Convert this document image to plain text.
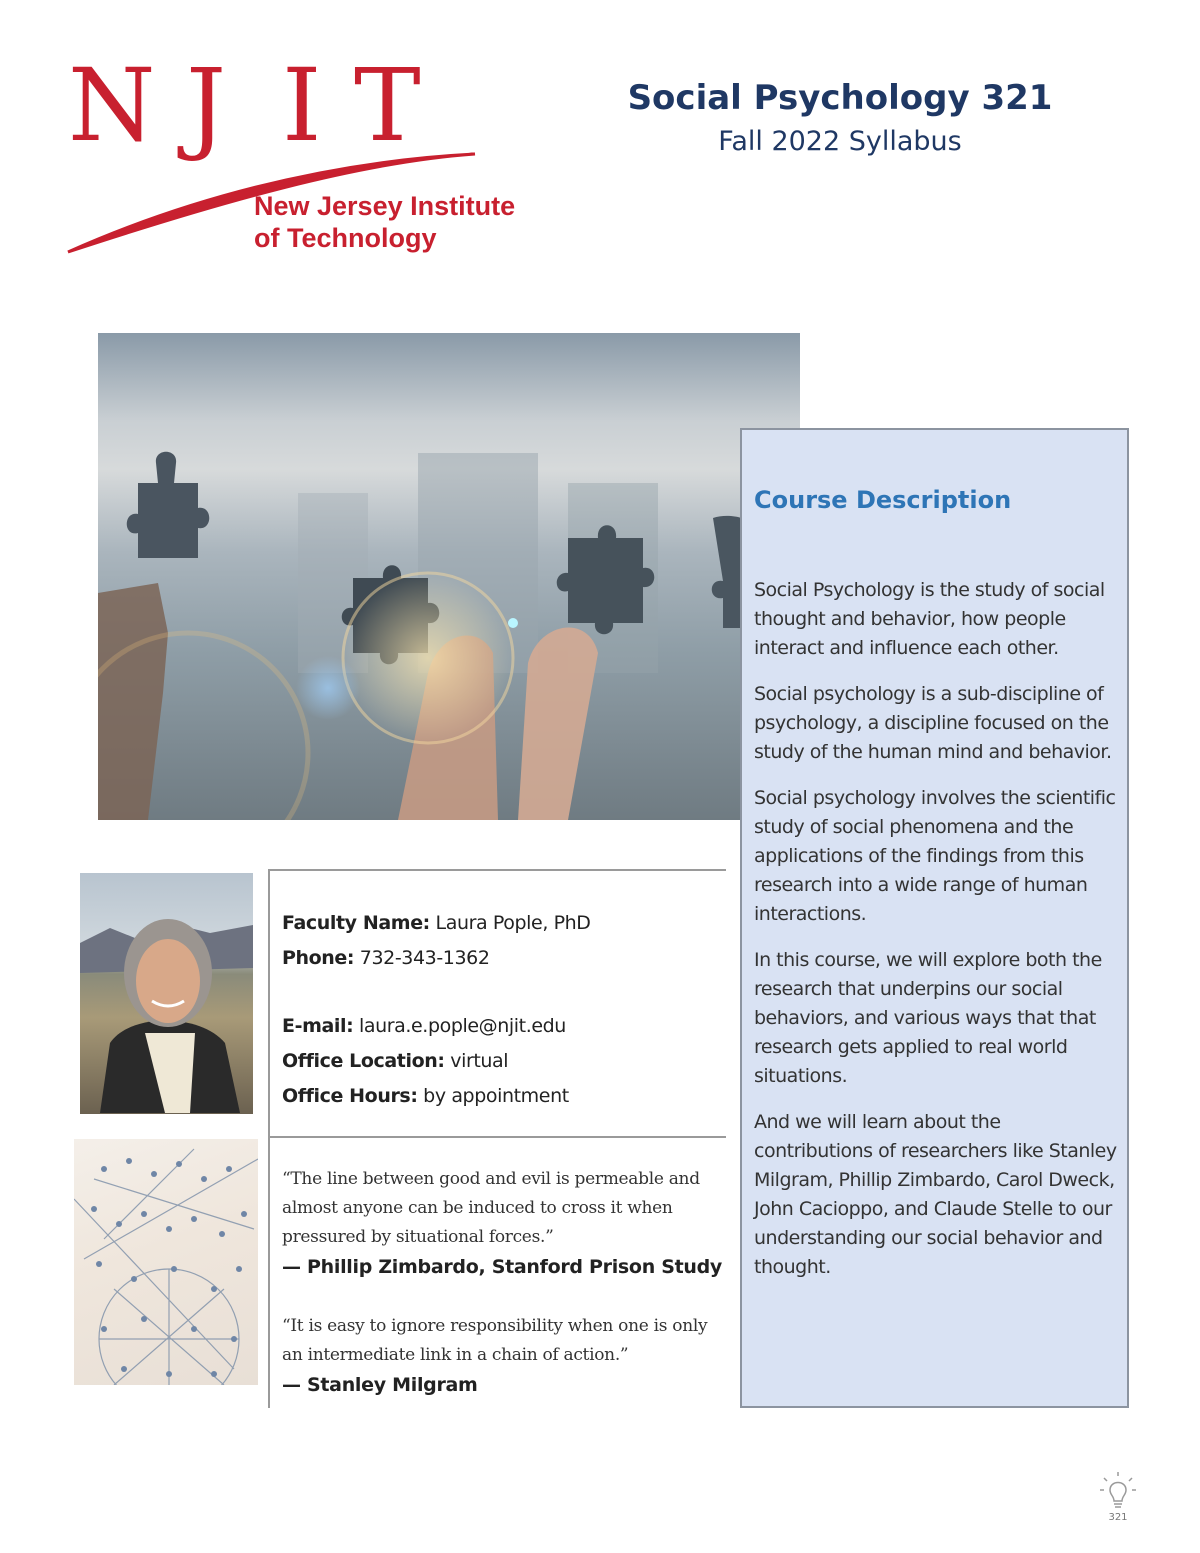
N J I T
New Jersey Institute
of Technology
Social Psychology 321
Fall 2022 Syllabus
Course Description

Social Psychology is the study of social thought and behavior, how people interact and influence each other.

Social psychology is a sub-discipline of psychology, a discipline focused on the study of the human mind and behavior.

Social psychology involves the scientific study of social phenomena and the applications of the findings from this research into a wide range of human interactions.

In this course, we will explore both the research that underpins our social behaviors, and various ways that that research gets applied to real world situations.

And we will learn about the contributions of researchers like Stanley Milgram, Phillip Zimbardo, Carol Dweck, John Cacioppo, and Claude Stelle to our understanding our social behavior and thought.

Faculty Name: Laura Pople, PhD
Phone: 732-343-1362
E-mail: laura.e.pople@njit.edu
Office Location: virtual
Office Hours: by appointment
“The line between good and evil is permeable and almost anyone can be induced to cross it when pressured by situational forces.”
— Phillip Zimbardo, Stanford Prison Study
“It is easy to ignore responsibility when one is only an intermediate link in a chain of action.”
— Stanley Milgram
321
